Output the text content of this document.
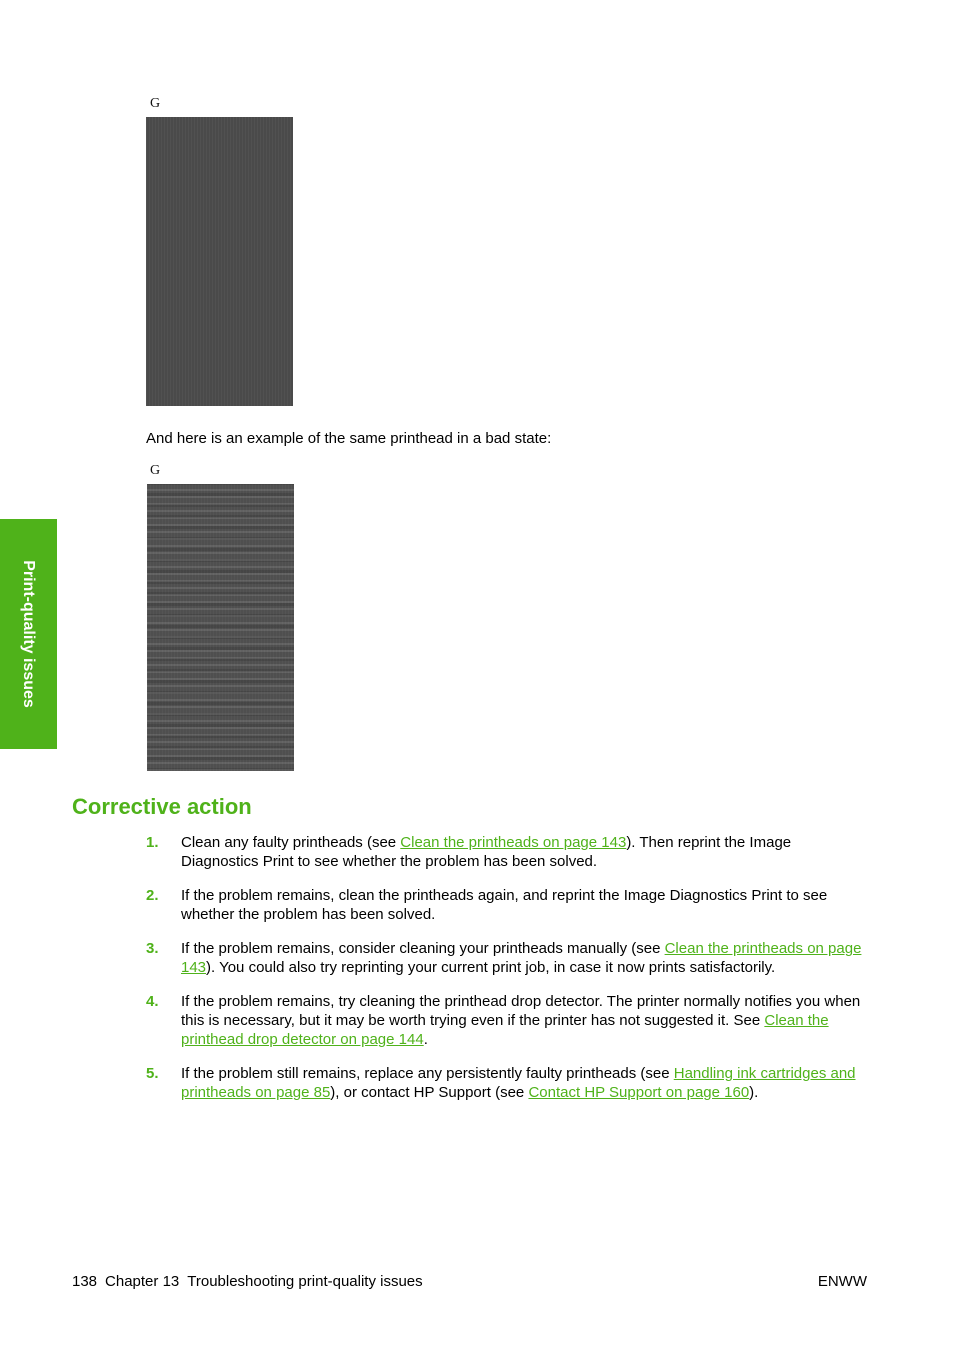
Print-quality issues
G
And here is an example of the same printhead in a bad state:
G
Corrective action
1. Clean any faulty printheads (see Clean the printheads on page 143). Then reprint the Image Diagnostics Print to see whether the problem has been solved.
2. If the problem remains, clean the printheads again, and reprint the Image Diagnostics Print to see whether the problem has been solved.
3. If the problem remains, consider cleaning your printheads manually (see Clean the printheads on page 143). You could also try reprinting your current print job, in case it now prints satisfactorily.
4. If the problem remains, try cleaning the printhead drop detector. The printer normally notifies you when this is necessary, but it may be worth trying even if the printer has not suggested it. See Clean the printhead drop detector on page 144.
5. If the problem still remains, replace any persistently faulty printheads (see Handling ink cartridges and printheads on page 85), or contact HP Support (see Contact HP Support on page 160).
138 Chapter 13 Troubleshooting print-quality issues	ENWW
